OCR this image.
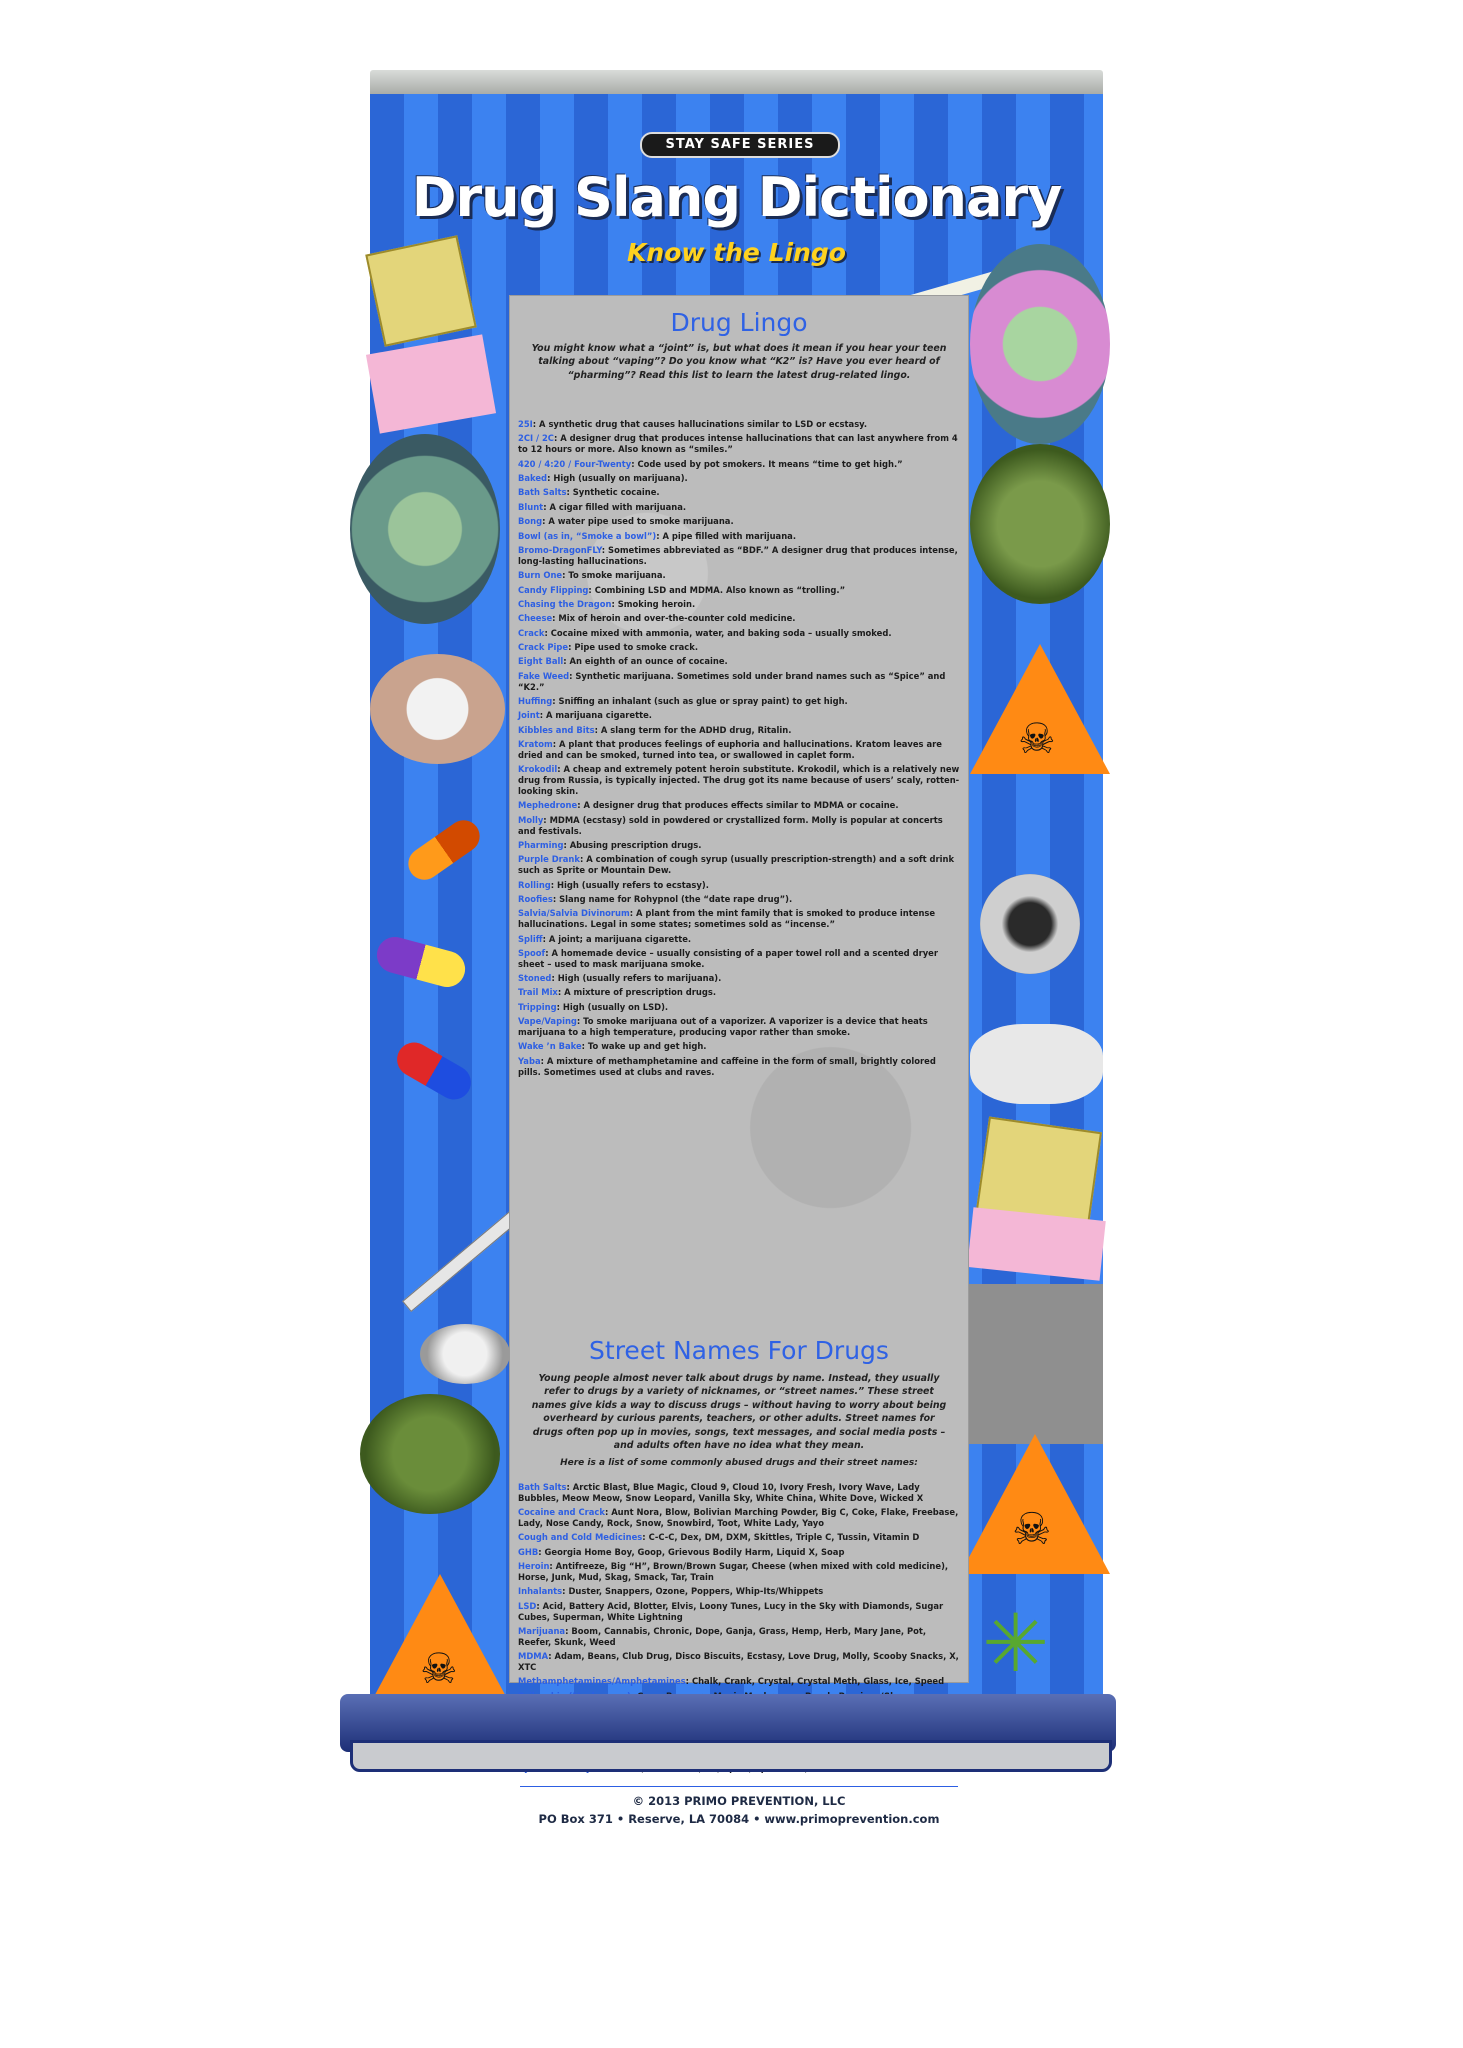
☠
☠
☠
✳
STAY SAFE SERIES
Drug Slang Dictionary
Know the Lingo
Drug Lingo
You might know what a “joint” is, but what does it mean if you hear your teen talking about “vaping”? Do you know what “K2” is? Have you ever heard of “pharming”? Read this list to learn the latest drug-related lingo.
25I: A synthetic drug that causes hallucinations similar to LSD or ecstasy.
2CI / 2C: A designer drug that produces intense hallucinations that can last anywhere from 4 to 12 hours or more. Also known as “smiles.”
420 / 4:20 / Four-Twenty: Code used by pot smokers. It means “time to get high.”
Baked: High (usually on marijuana).
Bath Salts: Synthetic cocaine.
Blunt: A cigar filled with marijuana.
Bong: A water pipe used to smoke marijuana.
Bowl (as in, “Smoke a bowl”): A pipe filled with marijuana.
Bromo-DragonFLY: Sometimes abbreviated as “BDF.” A designer drug that produces intense, long-lasting hallucinations.
Burn One: To smoke marijuana.
Candy Flipping: Combining LSD and MDMA. Also known as “trolling.”
Chasing the Dragon: Smoking heroin.
Cheese: Mix of heroin and over-the-counter cold medicine.
Crack: Cocaine mixed with ammonia, water, and baking soda – usually smoked.
Crack Pipe: Pipe used to smoke crack.
Eight Ball: An eighth of an ounce of cocaine.
Fake Weed: Synthetic marijuana. Sometimes sold under brand names such as “Spice” and “K2.”
Huffing: Sniffing an inhalant (such as glue or spray paint) to get high.
Joint: A marijuana cigarette.
Kibbles and Bits: A slang term for the ADHD drug, Ritalin.
Kratom: A plant that produces feelings of euphoria and hallucinations. Kratom leaves are dried and can be smoked, turned into tea, or swallowed in caplet form.
Krokodil: A cheap and extremely potent heroin substitute. Krokodil, which is a relatively new drug from Russia, is typically injected. The drug got its name because of users’ scaly, rotten-looking skin.
Mephedrone: A designer drug that produces effects similar to MDMA or cocaine.
Molly: MDMA (ecstasy) sold in powdered or crystallized form. Molly is popular at concerts and festivals.
Pharming: Abusing prescription drugs.
Purple Drank: A combination of cough syrup (usually prescription-strength) and a soft drink such as Sprite or Mountain Dew.
Rolling: High (usually refers to ecstasy).
Roofies: Slang name for Rohypnol (the “date rape drug”).
Salvia/Salvia Divinorum: A plant from the mint family that is smoked to produce intense hallucinations. Legal in some states; sometimes sold as “incense.”
Spliff: A joint; a marijuana cigarette.
Spoof: A homemade device – usually consisting of a paper towel roll and a scented dryer sheet – used to mask marijuana smoke.
Stoned: High (usually refers to marijuana).
Trail Mix: A mixture of prescription drugs.
Tripping: High (usually on LSD).
Vape/Vaping: To smoke marijuana out of a vaporizer. A vaporizer is a device that heats marijuana to a high temperature, producing vapor rather than smoke.
Wake ’n Bake: To wake up and get high.
Yaba: A mixture of methamphetamine and caffeine in the form of small, brightly colored pills. Sometimes used at clubs and raves.
Street Names For Drugs
Young people almost never talk about drugs by name. Instead, they usually refer to drugs by a variety of nicknames, or “street names.” These street names give kids a way to discuss drugs – without having to worry about being overheard by curious parents, teachers, or other adults. Street names for drugs often pop up in movies, songs, text messages, and social media posts – and adults often have no idea what they mean.
Here is a list of some commonly abused drugs and their street names:
Bath Salts: Arctic Blast, Blue Magic, Cloud 9, Cloud 10, Ivory Fresh, Ivory Wave, Lady Bubbles, Meow Meow, Snow Leopard, Vanilla Sky, White China, White Dove, Wicked X
Cocaine and Crack: Aunt Nora, Blow, Bolivian Marching Powder, Big C, Coke, Flake, Freebase, Lady, Nose Candy, Rock, Snow, Snowbird, Toot, White Lady, Yayo
Cough and Cold Medicines: C-C-C, Dex, DM, DXM, Skittles, Triple C, Tussin, Vitamin D
GHB: Georgia Home Boy, Goop, Grievous Bodily Harm, Liquid X, Soap
Heroin: Antifreeze, Big “H”, Brown/Brown Sugar, Cheese (when mixed with cold medicine), Horse, Junk, Mud, Skag, Smack, Tar, Train
Inhalants: Duster, Snappers, Ozone, Poppers, Whip-Its/Whippets
LSD: Acid, Battery Acid, Blotter, Elvis, Loony Tunes, Lucy in the Sky with Diamonds, Sugar Cubes, Superman, White Lightning
Marijuana: Boom, Cannabis, Chronic, Dope, Ganja, Grass, Hemp, Herb, Mary Jane, Pot, Reefer, Skunk, Weed
MDMA: Adam, Beans, Club Drug, Disco Biscuits, Ecstasy, Love Drug, Molly, Scooby Snacks, X, XTC
Methamphetamines/Amphetamines: Chalk, Crank, Crystal, Crystal Meth, Glass, Ice, Speed
© 2013 PRIMO PREVENTION, LLC
PO Box 371 • Reserve, LA 70084 • www.primoprevention.com
